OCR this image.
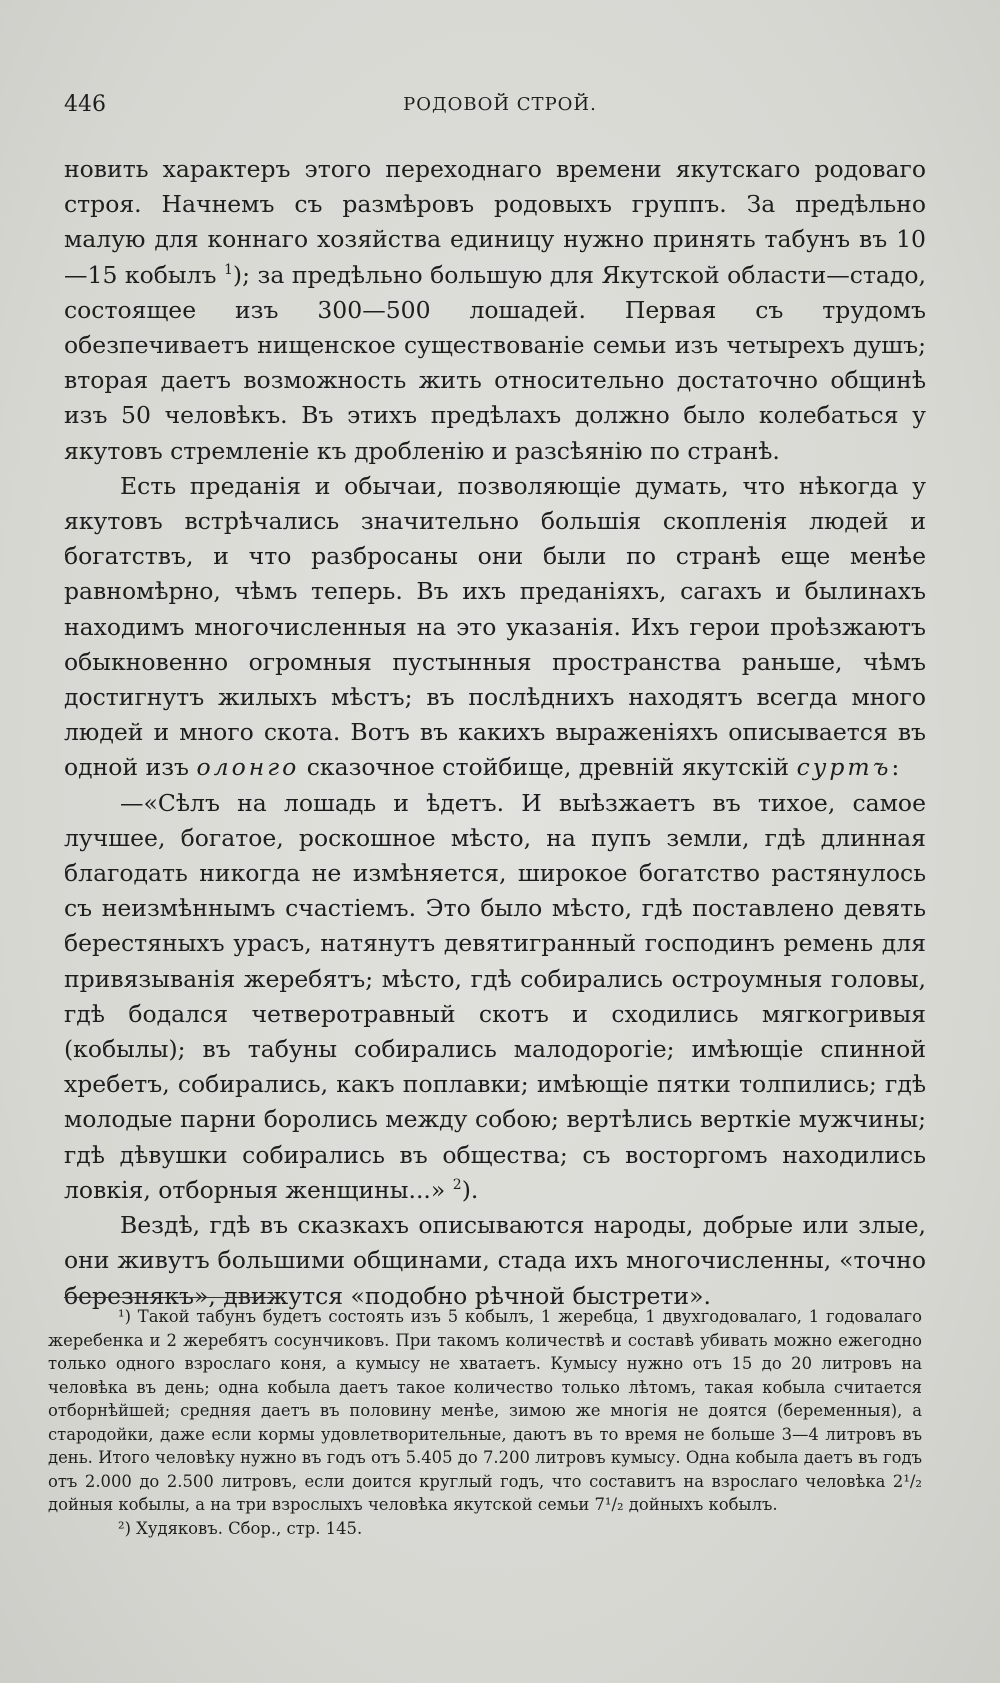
446	РОДОВОЙ СТРОЙ.

новить характеръ этого переходнаго времени якутскаго родоваго строя. Начнемъ съ размѣровъ родовыхъ группъ. За предѣльно малую для коннаго хозяйства единицу нужно принять табунъ въ 10—15 кобылъ $^1$); за предѣльно большую для Якутской области—стадо, состоящее изъ 300—500 лошадей. Первая съ трудомъ обезпечиваетъ нищенское существованіе семьи изъ четырехъ душъ; вторая даетъ возможность жить относительно достаточно общинѣ изъ 50 человѣкъ. Въ этихъ предѣлахъ должно было колебаться у якутовъ стремленіе къ дробленію и разсѣянію по странѣ.

Есть преданія и обычаи, позволяющіе думать, что нѣкогда у якутовъ встрѣчались значительно большія скопленія людей и богатствъ, и что разбросаны они были по странѣ еще менѣе равномѣрно, чѣмъ теперь. Въ ихъ преданіяхъ, сагахъ и былинахъ находимъ многочисленныя на это указанія. Ихъ герои проѣзжаютъ обыкновенно огромныя пустынныя пространства раньше, чѣмъ достигнутъ жилыхъ мѣстъ; въ послѣднихъ находятъ всегда много людей и много скота. Вотъ въ какихъ выраженіяхъ описывается въ одной изъ олонго сказочное стойбище, древній якутскій суртъ:

—«Сѣлъ на лошадь и ѣдетъ. И выѣзжаетъ въ тихое, самое лучшее, богатое, роскошное мѣсто, на пупъ земли, гдѣ длинная благодать никогда не измѣняется, широкое богатство растянулось съ неизмѣннымъ счастіемъ. Это было мѣсто, гдѣ поставлено девять берестяныхъ урасъ, натянутъ девятигранный господинъ ремень для привязыванія жеребятъ; мѣсто, гдѣ собирались остроумныя головы, гдѣ бодался четверотравный скотъ и сходились мягкогривыя (кобылы); въ табуны собирались малодорогіе; имѣющіе спинной хребетъ, собирались, какъ поплавки; имѣющіе пятки толпились; гдѣ молодые парни боролись между собою; вертѣлись верткіе мужчины; гдѣ дѣвушки собирались въ общества; съ восторгомъ находились ловкія, отборныя женщины...» $^2$).

Вездѣ, гдѣ въ сказкахъ описываются народы, добрые или злые, они живутъ большими общинами, стада ихъ многочисленны, «точно березнякъ», движутся «подобно рѣчной быстрети».

¹) Такой табунъ будетъ состоять изъ 5 кобылъ, 1 жеребца, 1 двухгодовалаго, 1 годовалаго жеребенка и 2 жеребятъ сосунчиковъ. При такомъ количествѣ и составѣ убивать можно ежегодно только одного взрослаго коня, а кумысу не хватаетъ. Кумысу нужно отъ 15 до 20 литровъ на человѣка въ день; одна кобыла даетъ такое количество только лѣтомъ, такая кобыла считается отборнѣйшей; средняя даетъ въ половину менѣе, зимою же многія не доятся (беременныя), а стародойки, даже если кормы удовлетворительные, даютъ въ то время не больше 3—4 литровъ въ день. Итого человѣку нужно въ годъ отъ 5.405 до 7.200 литровъ кумысу. Одна кобыла даетъ въ годъ отъ 2.000 до 2.500 литровъ, если доится круглый годъ, что составитъ на взрослаго человѣка 2¹/₂ дойныя кобылы, а на три взрослыхъ человѣка якутской семьи 7¹/₂ дойныхъ кобылъ.

²) Худяковъ. Сбор., стр. 145.
